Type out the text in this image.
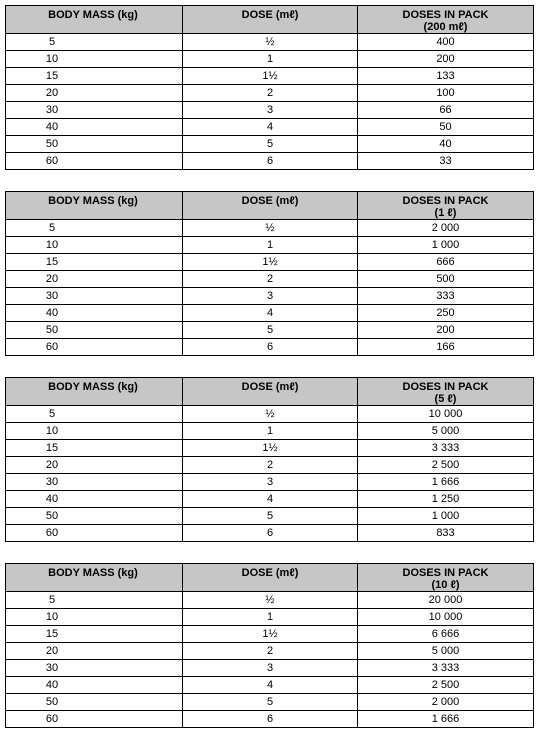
BODY MASS (kg)	DOSE (mℓ)	DOSES IN PACK
(200 mℓ)

5	½	400
10	1	200
15	1½	133
20	2	100
30	3	66
40	4	50
50	5	40
60	6	33
BODY MASS (kg)	DOSE (mℓ)	DOSES IN PACK
(1 ℓ)

5	½	2 000
10	1	1 000
15	1½	666
20	2	500
30	3	333
40	4	250
50	5	200
60	6	166
BODY MASS (kg)	DOSE (mℓ)	DOSES IN PACK
(5 ℓ)

5	½	10 000
10	1	5 000
15	1½	3 333
20	2	2 500
30	3	1 666
40	4	1 250
50	5	1 000
60	6	833
BODY MASS (kg)	DOSE (mℓ)	DOSES IN PACK
(10 ℓ)

5	½	20 000
10	1	10 000
15	1½	6 666
20	2	5 000
30	3	3 333
40	4	2 500
50	5	2 000
60	6	1 666
